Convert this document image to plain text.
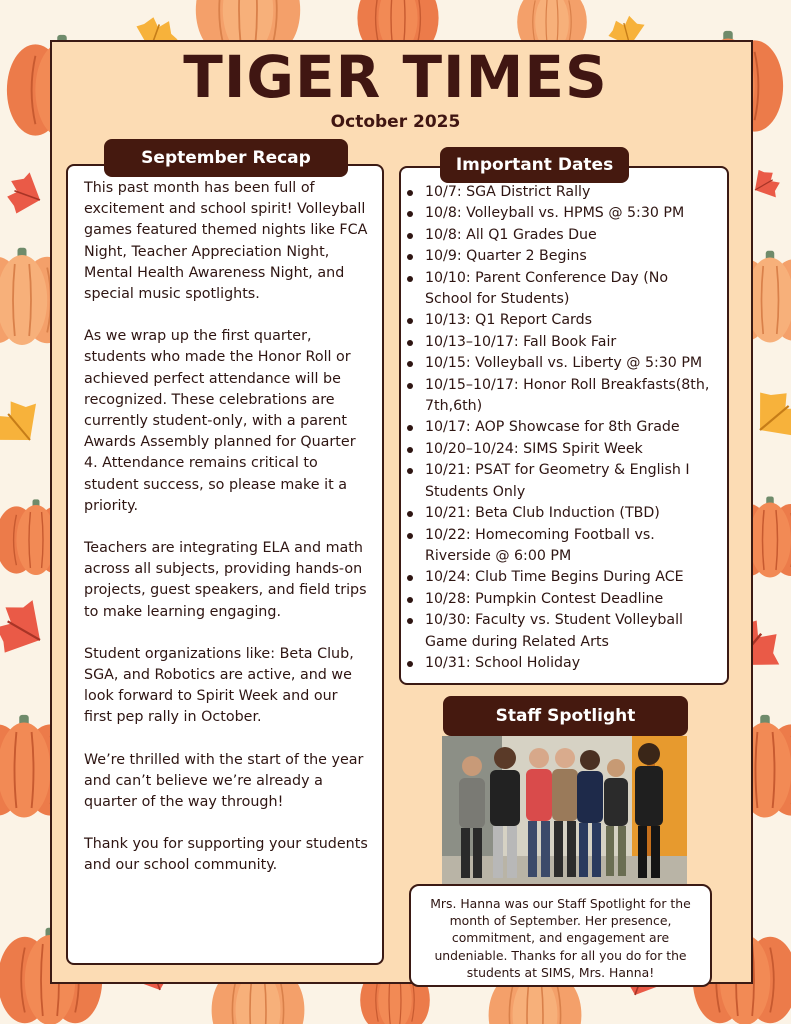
TIGER TIMES
October 2025

This past month has been full of excitement and school spirit! Volleyball games featured themed nights like FCA Night, Teacher Appreciation Night, Mental Health Awareness Night, and special music spotlights.

As we wrap up the first quarter, students who made the Honor Roll or achieved perfect attendance will be recognized. These celebrations are currently student-only, with a parent Awards Assembly planned for Quarter 4. Attendance remains critical to student success, so please make it a priority.

Teachers are integrating ELA and math across all subjects, providing hands-on projects, guest speakers, and field trips to make learning engaging.

Student organizations like: Beta Club, SGA, and Robotics are active, and we look forward to Spirit Week and our first pep rally in October.

We’re thrilled with the start of the year and can’t believe we’re already a quarter of the way through!

Thank you for supporting your students and our school community.

September Recap
10/7: SGA District Rally
10/8: Volleyball vs. HPMS @ 5:30 PM
10/8: All Q1 Grades Due
10/9: Quarter 2 Begins
10/10: Parent Conference Day (No School for Students)
10/13: Q1 Report Cards
10/13–10/17: Fall Book Fair
10/15: Volleyball vs. Liberty @ 5:30 PM
10/15–10/17: Honor Roll Breakfasts(8th, 7th,6th)
10/17: AOP Showcase for 8th Grade
10/20–10/24: SIMS Spirit Week
10/21: PSAT for Geometry & English I Students Only
10/21: Beta Club Induction (TBD)
10/22: Homecoming Football vs. Riverside @ 6:00 PM
10/24: Club Time Begins During ACE
10/28: Pumpkin Contest Deadline
10/30: Faculty vs. Student Volleyball Game during Related Arts
10/31: School Holiday
Important Dates
Staff Spotlight
Mrs. Hanna was our Staff Spotlight for the month of September. Her presence, commitment, and engagement are undeniable. Thanks for all you do for the students at SIMS, Mrs. Hanna!
